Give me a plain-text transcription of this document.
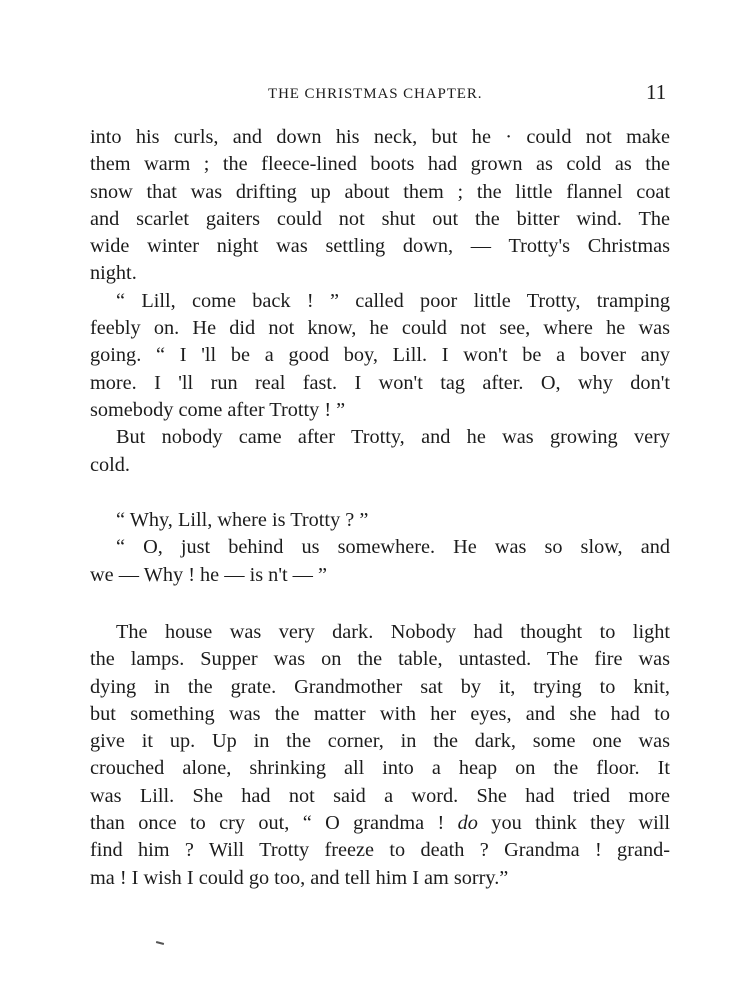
THE CHRISTMAS CHAPTER.	11
into his curls, and down his neck, but he · could not make
them warm ; the fleece-lined boots had grown as cold as the
snow that was drifting up about them ; the little flannel coat
and scarlet gaiters could not shut out the bitter wind. The
wide winter night was settling down, — Trotty's Christmas
night.
“ Lill, come back ! ” called poor little Trotty, tramping
feebly on. He did not know, he could not see, where he was
going. “ I 'll be a good boy, Lill. I won't be a bover any
more. I 'll run real fast. I won't tag after. O, why don't
somebody come after Trotty ! ”
But nobody came after Trotty, and he was growing very
cold.
“ Why, Lill, where is Trotty ? ”
“ O, just behind us somewhere. He was so slow, and
we — Why ! he — is n't — ”
The house was very dark. Nobody had thought to light
the lamps. Supper was on the table, untasted. The fire was
dying in the grate. Grandmother sat by it, trying to knit,
but something was the matter with her eyes, and she had to
give it up. Up in the corner, in the dark, some one was
crouched alone, shrinking all into a heap on the floor. It
was Lill. She had not said a word. She had tried more
than once to cry out, “ O grandma ! do you think they will
find him ? Will Trotty freeze to death ? Grandma ! grand-
ma ! I wish I could go too, and tell him I am sorry.”
